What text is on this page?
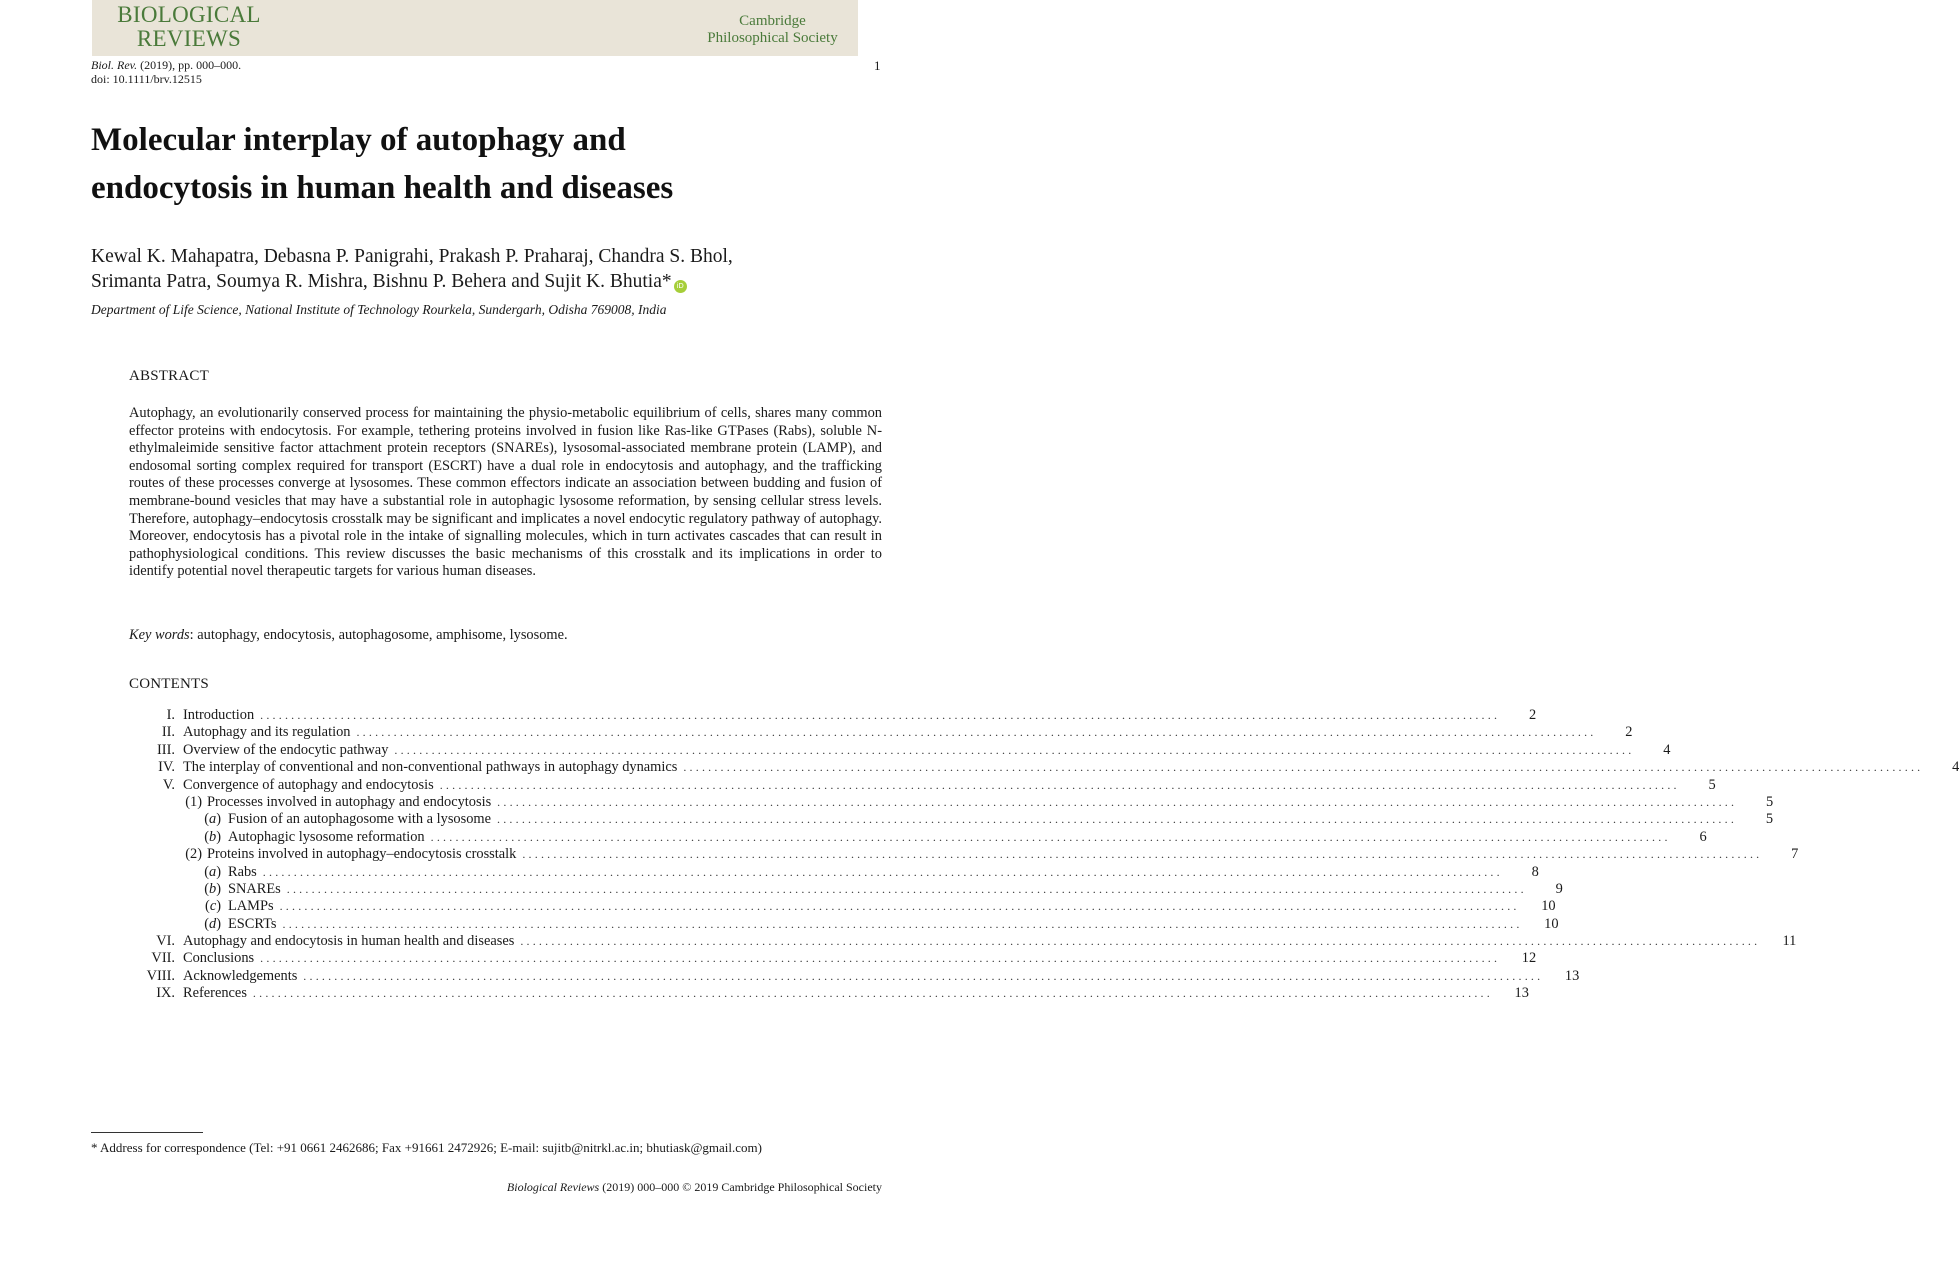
BIOLOGICAL
REVIEWS
Cambridge
Philosophical Society
Biol. Rev. (2019), pp. 000–000.
doi: 10.1111/brv.12515
1
Molecular interplay of autophagy and
endocytosis in human health and diseases
Kewal K. Mahapatra, Debasna P. Panigrahi, Prakash P. Praharaj, Chandra S. Bhol,
Srimanta Patra, Soumya R. Mishra, Bishnu P. Behera and Sujit K. Bhutia* iD
Department of Life Science, National Institute of Technology Rourkela, Sundergarh, Odisha 769008, India
ABSTRACT
Autophagy, an evolutionarily conserved process for maintaining the physio-metabolic equilibrium of cells, shares many common effector proteins with endocytosis. For example, tethering proteins involved in fusion like Ras-like GTPases (Rabs), soluble N-ethylmaleimide sensitive factor attachment protein receptors (SNAREs), lysosomal-associated membrane protein (LAMP), and endosomal sorting complex required for transport (ESCRT) have a dual role in endocytosis and autophagy, and the trafficking routes of these processes converge at lysosomes. These common effectors indicate an association between budding and fusion of membrane-bound vesicles that may have a substantial role in autophagic lysosome reformation, by sensing cellular stress levels. Therefore, autophagy–endocytosis crosstalk may be significant and implicates a novel endocytic regulatory pathway of autophagy. Moreover, endocytosis has a pivotal role in the intake of signalling molecules, which in turn activates cascades that can result in pathophysiological conditions. This review discusses the basic mechanisms of this crosstalk and its implications in order to identify potential novel therapeutic targets for various human diseases.
Key words: autophagy, endocytosis, autophagosome, amphisome, lysosome.
CONTENTS
I. Introduction ........................................................................................................................................................................................................	2
II. Autophagy and its regulation ........................................................................................................................................................................................................	2
III. Overview of the endocytic pathway ........................................................................................................................................................................................................	4
IV. The interplay of conventional and non-conventional pathways in autophagy dynamics ........................................................................................................................................................................................................	4
V. Convergence of autophagy and endocytosis ........................................................................................................................................................................................................	5
(1) Processes involved in autophagy and endocytosis ........................................................................................................................................................................................................	5
(a) Fusion of an autophagosome with a lysosome ........................................................................................................................................................................................................	5
(b) Autophagic lysosome reformation ........................................................................................................................................................................................................	6
(2) Proteins involved in autophagy–endocytosis crosstalk ........................................................................................................................................................................................................	7
(a) Rabs ........................................................................................................................................................................................................	8
(b) SNAREs ........................................................................................................................................................................................................	9
(c) LAMPs ........................................................................................................................................................................................................	10
(d) ESCRTs ........................................................................................................................................................................................................	10
VI. Autophagy and endocytosis in human health and diseases ........................................................................................................................................................................................................	11
VII. Conclusions ........................................................................................................................................................................................................	12
VIII. Acknowledgements ........................................................................................................................................................................................................	13
IX. References ........................................................................................................................................................................................................	13
* Address for correspondence (Tel: +91 0661 2462686; Fax +91661 2472926; E-mail: sujitb@nitrkl.ac.in; bhutiask@gmail.com)
Biological Reviews (2019) 000–000 © 2019 Cambridge Philosophical Society
